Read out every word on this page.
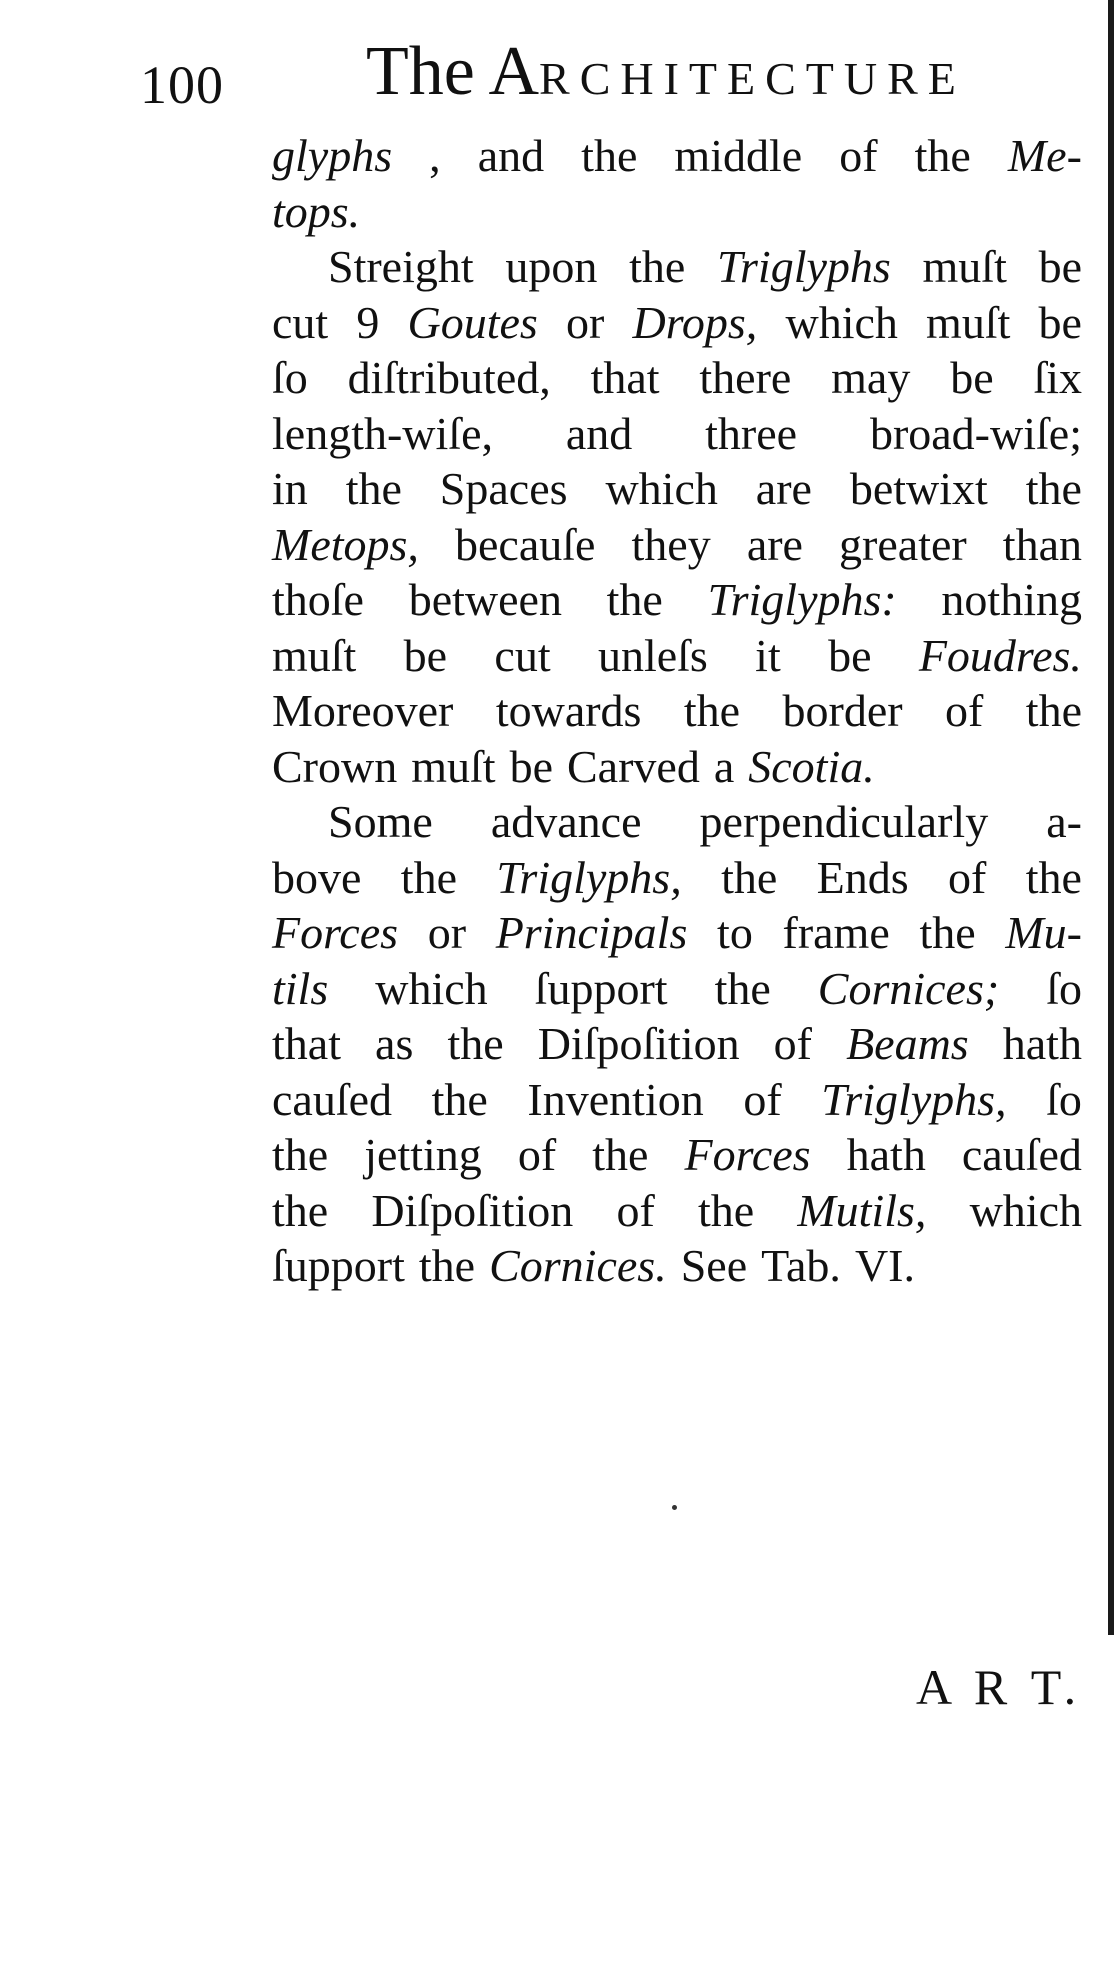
100 The ARCHITECTURE
glyphs , and the middle of the Me-
tops.
Streight upon the Triglyphs muſt be
cut 9 Goutes or Drops, which muſt be
ſo diſtributed, that there may be ſix
length-wiſe, and three broad-wiſe;
in the Spaces which are betwixt the
Metops, becauſe they are greater than
thoſe between the Triglyphs: nothing
muſt be cut unleſs it be Foudres.
Moreover towards the border of the
Crown muſt be Carved a Scotia.
Some advance perpendicularly a-
bove the Triglyphs, the Ends of the
Forces or Principals to frame the Mu-
tils which ſupport the Cornices; ſo
that as the Diſpoſition of Beams hath
cauſed the Invention of Triglyphs, ſo
the jetting of the Forces hath cauſed
the Diſpoſition of the Mutils, which
ſupport the Cornices. See Tab. VI.
A R T.
